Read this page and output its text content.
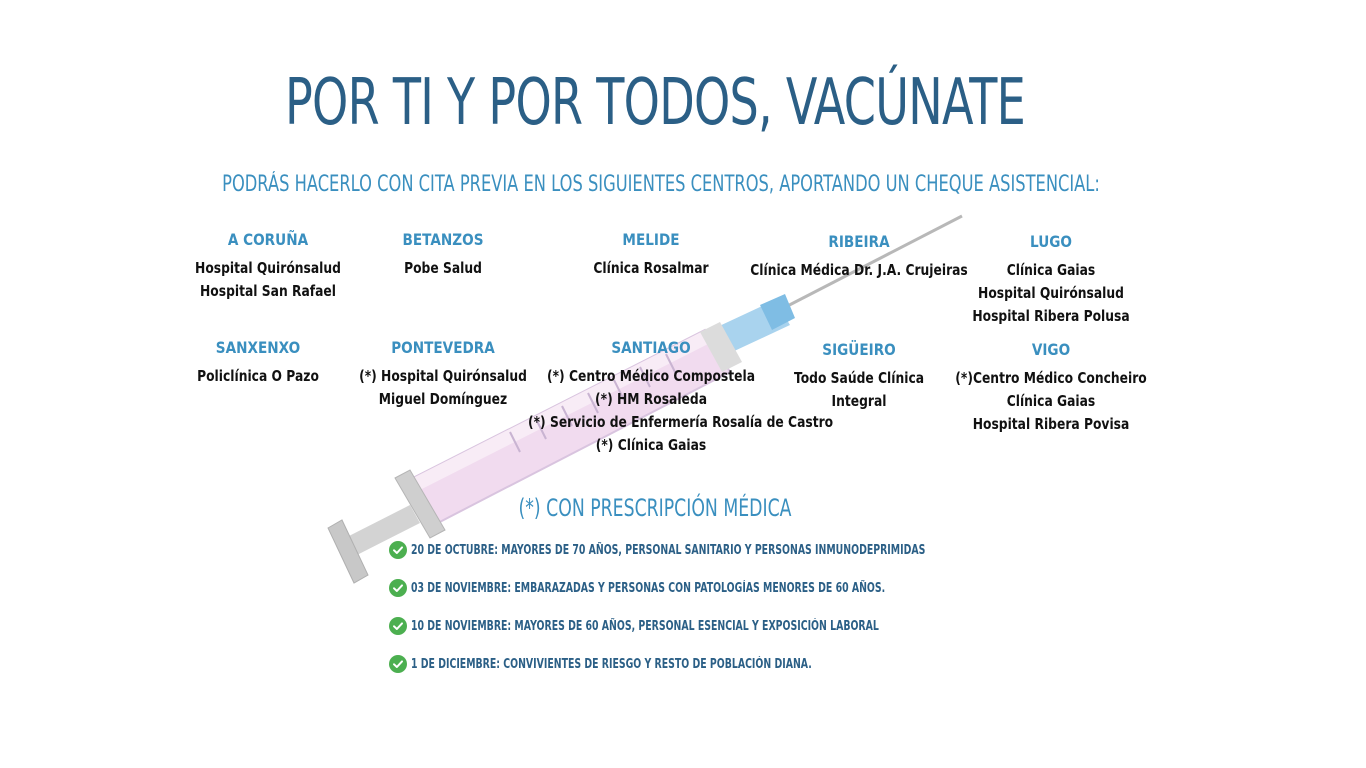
POR TI Y POR TODOS, VACÚNATE
PODRÁS HACERLO CON CITA PREVIA EN LOS SIGUIENTES CENTROS, APORTANDO UN CHEQUE ASISTENCIAL:
A CORUÑA
Hospital Quirónsalud
Hospital San Rafael
BETANZOS
Pobe Salud
MELIDE
Clínica Rosalmar
RIBEIRA
Clínica Médica Dr. J.A. Crujeiras
LUGO
Clínica Gaias
Hospital Quirónsalud
Hospital Ribera Polusa
SANXENXO
Policlínica O Pazo
PONTEVEDRA
(*) Hospital Quirónsalud
Miguel Domínguez
SANTIAGO
(*) Centro Médico Compostela
(*) HM Rosaleda
(*) Servicio de Enfermería Rosalía de Castro
(*) Clínica Gaias
SIGÜEIRO
Todo Saúde Clínica
Integral
VIGO
(*)Centro Médico Concheiro
Clínica Gaias
Hospital Ribera Povisa
(*) CON PRESCRIPCIÓN MÉDICA
20 DE OCTUBRE: MAYORES DE 70 AÑOS, PERSONAL SANITARIO Y PERSONAS INMUNODEPRIMIDAS
03 DE NOVIEMBRE: EMBARAZADAS Y PERSONAS CON PATOLOGÍAS MENORES DE 60 AÑOS.
10 DE NOVIEMBRE: MAYORES DE 60 AÑOS, PERSONAL ESENCIAL Y EXPOSICIÓN LABORAL
1 DE DICIEMBRE: CONVIVIENTES DE RIESGO Y RESTO DE POBLACIÓN DIANA.
